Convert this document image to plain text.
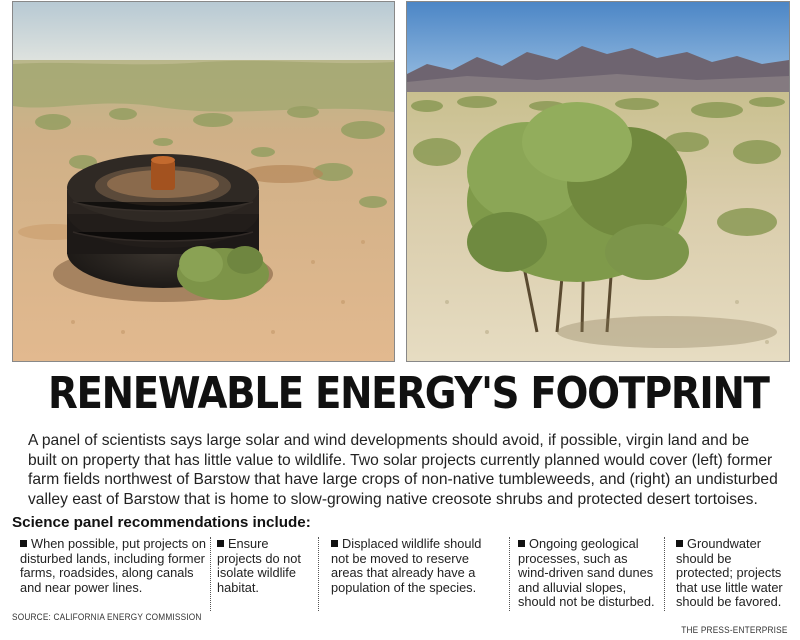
RENEWABLE ENERGY'S FOOTPRINT
A panel of scientists says large solar and wind developments should avoid, if possible, virgin land and be built on property that has little value to wildlife. Two solar projects currently planned would cover (left) former farm fields northwest of Barstow that have large crops of non-native tumbleweeds, and (right) an undisturbed valley east of Barstow that is home to slow-growing native creosote shrubs and protected desert tortoises.
Science panel recommendations include:
When possible, put projects on disturbed lands, including former farms, roadsides, along canals and near power lines.
Ensure projects do not isolate wildlife habitat.
Displaced wildlife should not be moved to reserve areas that already have a population of the species.
Ongoing geological processes, such as wind-driven sand dunes and alluvial slopes, should not be disturbed.
Groundwater should be protected; projects that use little water should be favored.
SOURCE: CALIFORNIA ENERGY COMMISSION
THE PRESS-ENTERPRISE
